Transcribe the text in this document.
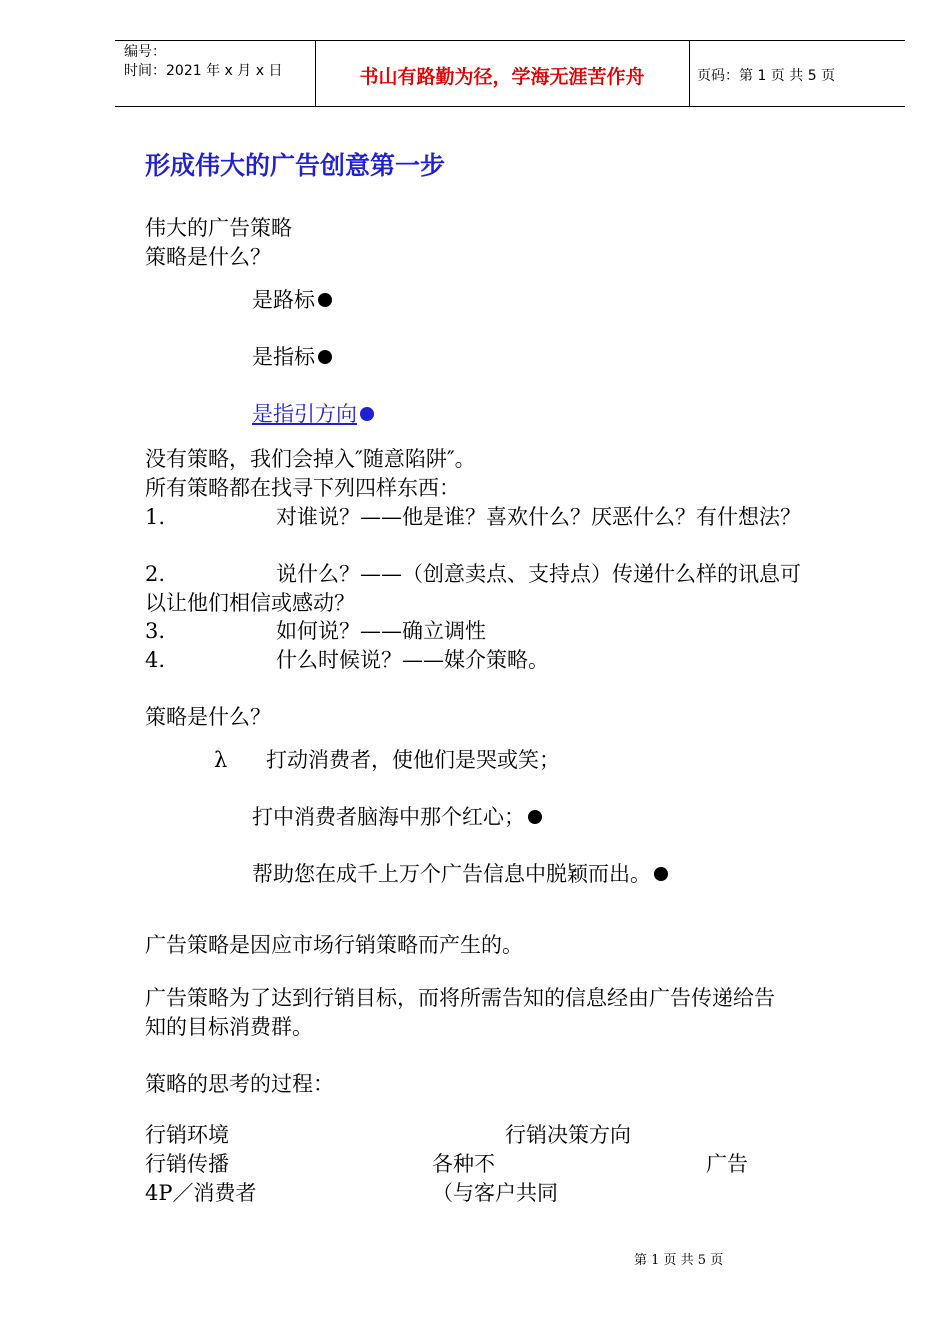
编号：
时间：2021 年 x 月 x 日	书山有路勤为径，学海无涯苦作舟	页码：第 1 页 共 5 页
形成伟大的广告创意第一步
伟大的广告策略
策略是什么？
是路标
是指标
是指引方向
没有策略，我们会掉入″随意陷阱″。
所有策略都在找寻下列四样东西：
1.	对谁说？——他是谁？喜欢什么？厌恶什么？有什想法？
2.	说什么？——（创意卖点、支持点）传递什么样的讯息可
以让他们相信或感动？
3.	如何说？——确立调性
4.	什么时候说？——媒介策略。
策略是什么？
λ 打动消费者，使他们是哭或笑；
打中消费者脑海中那个红心；
帮助您在成千上万个广告信息中脱颖而出。
广告策略是因应市场行销策略而产生的。
广告策略为了达到行销目标，而将所需告知的信息经由广告传递给告
知的目标消费群。
策略的思考的过程：
行销环境	行销决策方向
行销传播	各种不	广告
4P／消费者	（与客户共同
第 1 页 共 5 页
